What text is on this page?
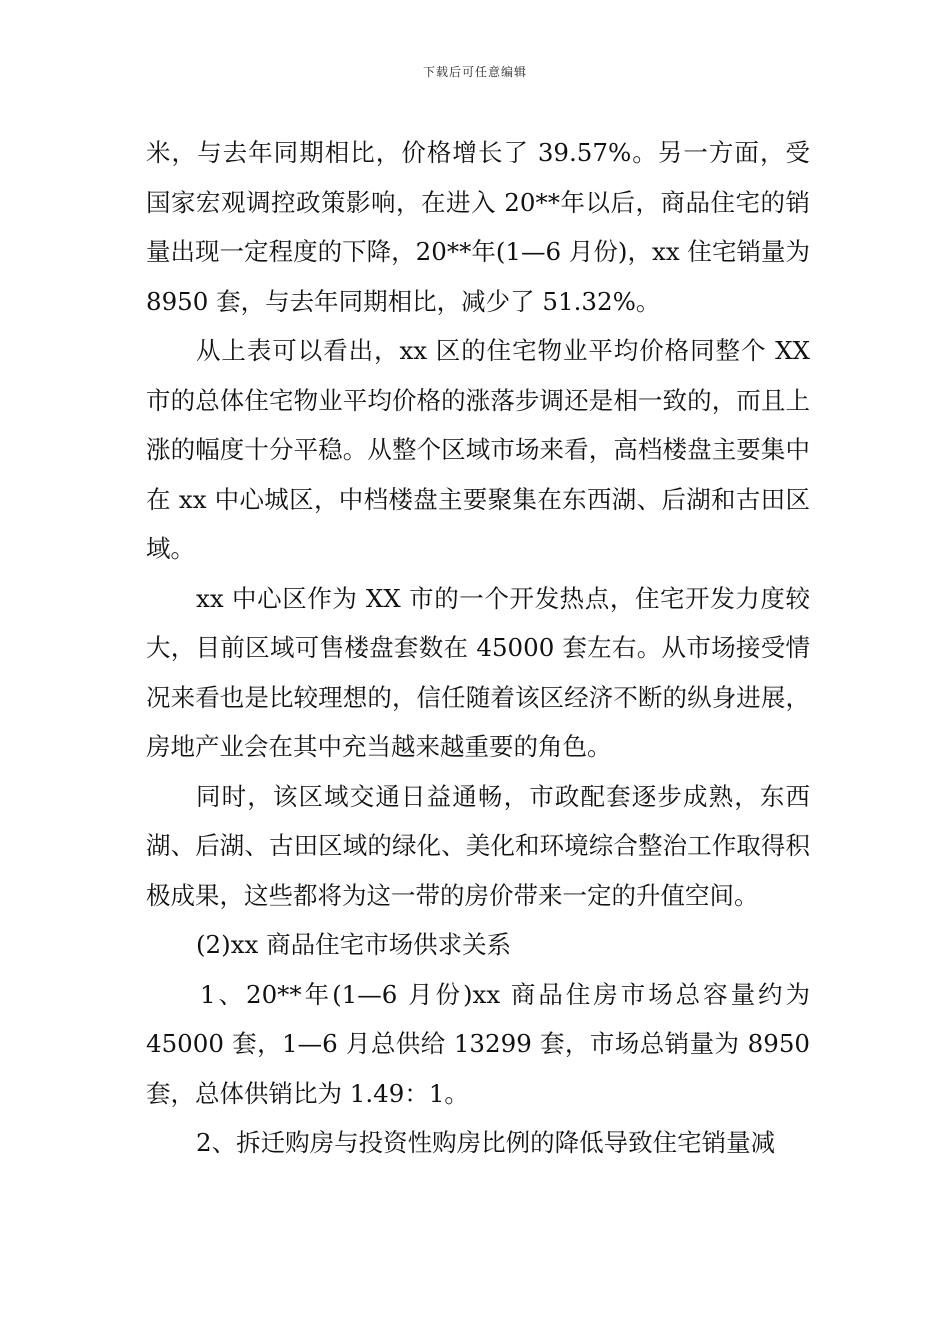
下载后可任意编辑

米，与去年同期相比，价格增长了 39.57%。另一方面，受国家宏观调控政策影响，在进入 20**年以后，商品住宅的销量出现一定程度的下降，20**年(1—6 月份)，xx 住宅销量为 8950 套，与去年同期相比，减少了 51.32%。

从上表可以看出，xx 区的住宅物业平均价格同整个 XX 市的总体住宅物业平均价格的涨落步调还是相一致的，而且上涨的幅度十分平稳。从整个区域市场来看，高档楼盘主要集中在 xx 中心城区，中档楼盘主要聚集在东西湖、后湖和古田区域。

xx 中心区作为 XX 市的一个开发热点，住宅开发力度较大，目前区域可售楼盘套数在 45000 套左右。从市场接受情况来看也是比较理想的，信任随着该区经济不断的纵身进展，房地产业会在其中充当越来越重要的角色。

同时，该区域交通日益通畅，市政配套逐步成熟，东西湖、后湖、古田区域的绿化、美化和环境综合整治工作取得积极成果，这些都将为这一带的房价带来一定的升值空间。

(2)xx 商品住宅市场供求关系

1、20**年(1—6 月份)xx 商品住房市场总容量约为 45000 套，1—6 月总供给 13299 套，市场总销量为 8950 套，总体供销比为 1.49：1。

2、拆迁购房与投资性购房比例的降低导致住宅销量减
